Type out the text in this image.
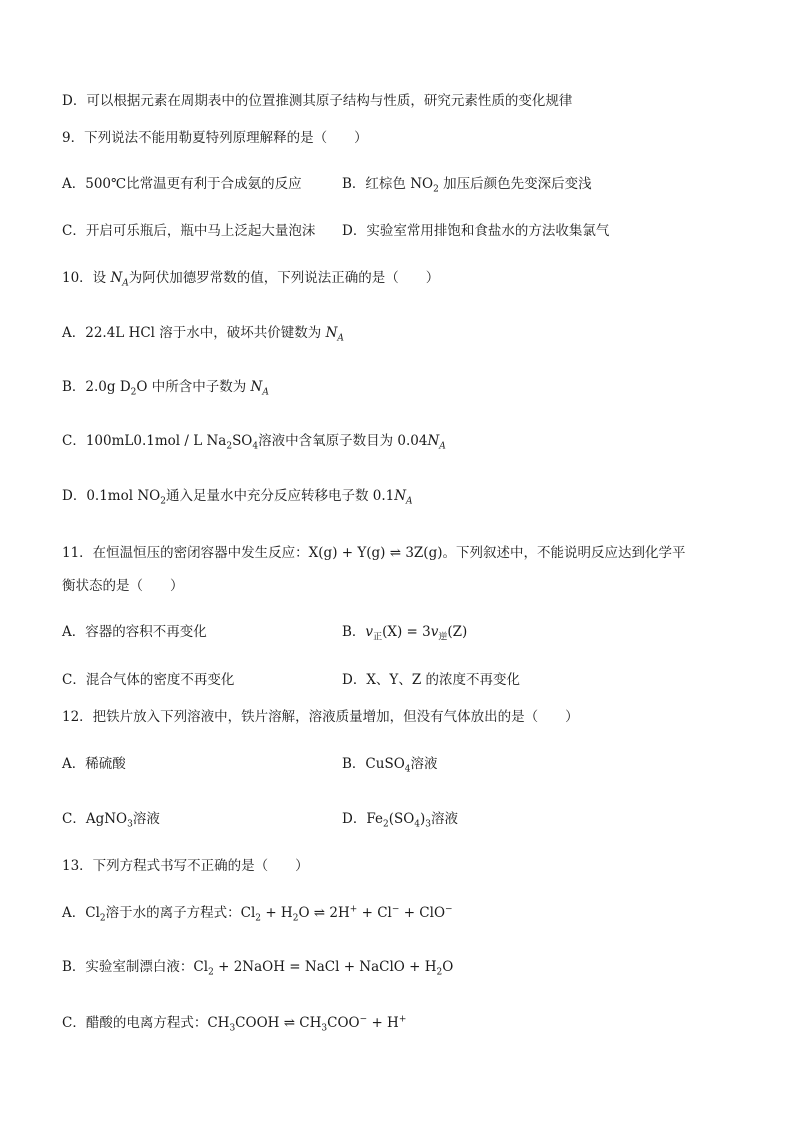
D．可以根据元素在周期表中的位置推测其原子结构与性质，研究元素性质的变化规律
9．下列说法不能用勒夏特列原理解释的是（　　）
A．500℃比常温更有利于合成氨的反应	B．红棕色 $NO_2$ 加压后颜色先变深后变浅
C．开启可乐瓶后，瓶中马上泛起大量泡沫 D．实验室常用排饱和食盐水的方法收集氯气
10．设 $N_A$为阿伏加德罗常数的值，下列说法正确的是（　　）
A．22.4L HCl 溶于水中，破坏共价键数为 $N_A$
B．2.0g $D_2O$ 中所含中子数为 $N_A$
C．100mL0.1mol / L $Na_2SO_4$溶液中含氧原子数目为 $0.04N_A$
D．0.1mol $NO_2$通入足量水中充分反应转移电子数 $0.1N_A$
11．在恒温恒压的密闭容器中发生反应：X(g) + Y(g) ⇌ 3Z(g)。下列叙述中，不能说明反应达到化学平
衡状态的是（　　）
A．容器的容积不再变化	B．$v_正(X) = 3v_逆(Z)$
C．混合气体的密度不再变化	D．X、Y、Z 的浓度不再变化
12．把铁片放入下列溶液中，铁片溶解，溶液质量增加，但没有气体放出的是（　　）
A．稀硫酸	B．CuSO$_4$溶液
C．AgNO$_3$溶液	D．$Fe_2(SO_4)_3$溶液
13．下列方程式书写不正确的是（　　）
A．$Cl_2$溶于水的离子方程式：$Cl_2 + H_2O$ ⇌ 2H+ + Cl− + ClO−
B．实验室制漂白液：$Cl_2$ + 2NaOH = NaCl + NaClO + $H_2O$
C．醋酸的电离方程式：$CH_3COOH$ ⇌ $CH_3COO^- + H^+$
